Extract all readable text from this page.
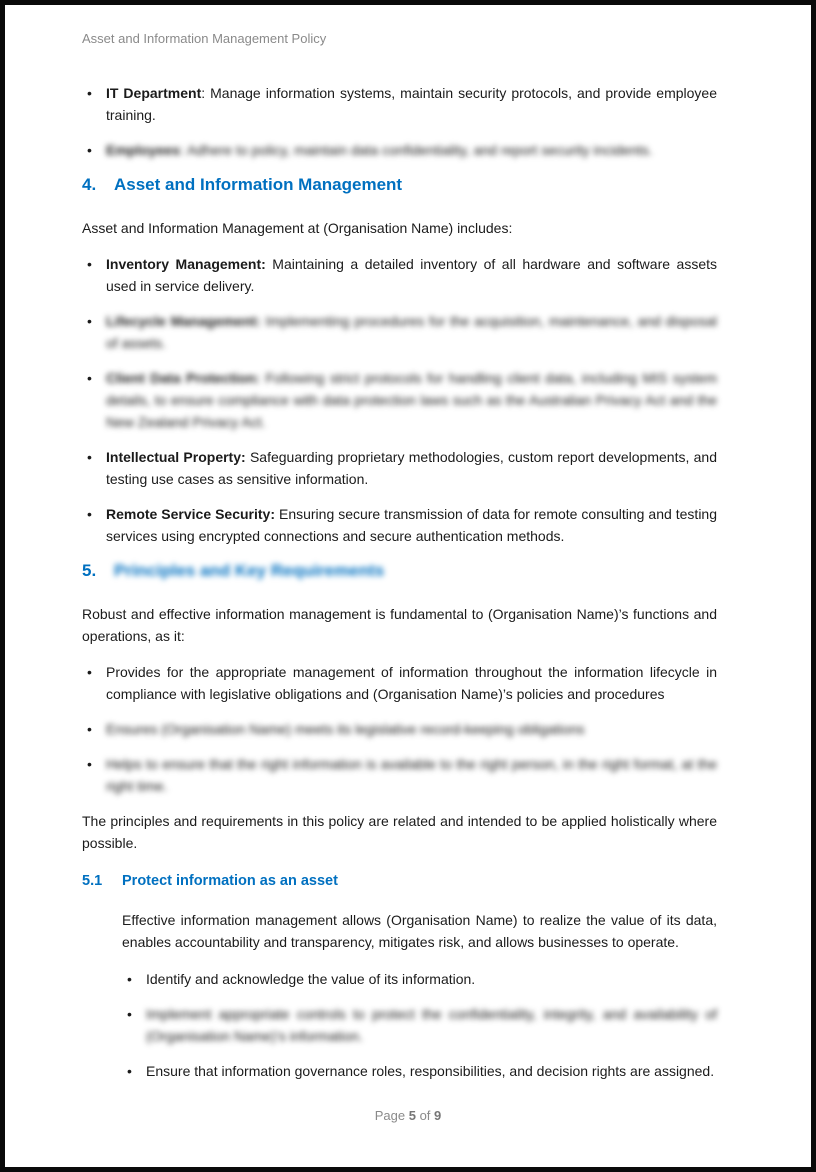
Asset and Information Management Policy
•
IT Department: Manage information systems, maintain security protocols, and provide employee training.
•
Employees: Adhere to policy, maintain data confidentiality, and report security incidents.
4.	Asset and Information Management

Asset and Information Management at (Organisation Name) includes:

•
Inventory Management: Maintaining a detailed inventory of all hardware and software assets used in service delivery.
•
Lifecycle Management: Implementing procedures for the acquisition, maintenance, and disposal of assets.
•
Client Data Protection: Following strict protocols for handling client data, including MIS system details, to ensure compliance with data protection laws such as the Australian Privacy Act and the New Zealand Privacy Act.
•
Intellectual Property: Safeguarding proprietary methodologies, custom report developments, and testing use cases as sensitive information.
•
Remote Service Security: Ensuring secure transmission of data for remote consulting and testing services using encrypted connections and secure authentication methods.
5.	Principles and Key Requirements

Robust and effective information management is fundamental to (Organisation Name)’s functions and operations, as it:

•
Provides for the appropriate management of information throughout the information lifecycle in compliance with legislative obligations and (Organisation Name)’s policies and procedures
•
Ensures (Organisation Name) meets its legislative record-keeping obligations
•
Helps to ensure that the right information is available to the right person, in the right format, at the right time.

The principles and requirements in this policy are related and intended to be applied holistically where possible.

5.1	Protect information as an asset

Effective information management allows (Organisation Name) to realize the value of its data, enables accountability and transparency, mitigates risk, and allows businesses to operate.

•
Identify and acknowledge the value of its information.
•
Implement appropriate controls to protect the confidentiality, integrity, and availability of (Organisation Name)’s information.
•
Ensure that information governance roles, responsibilities, and decision rights are assigned.
Page 5 of 9
